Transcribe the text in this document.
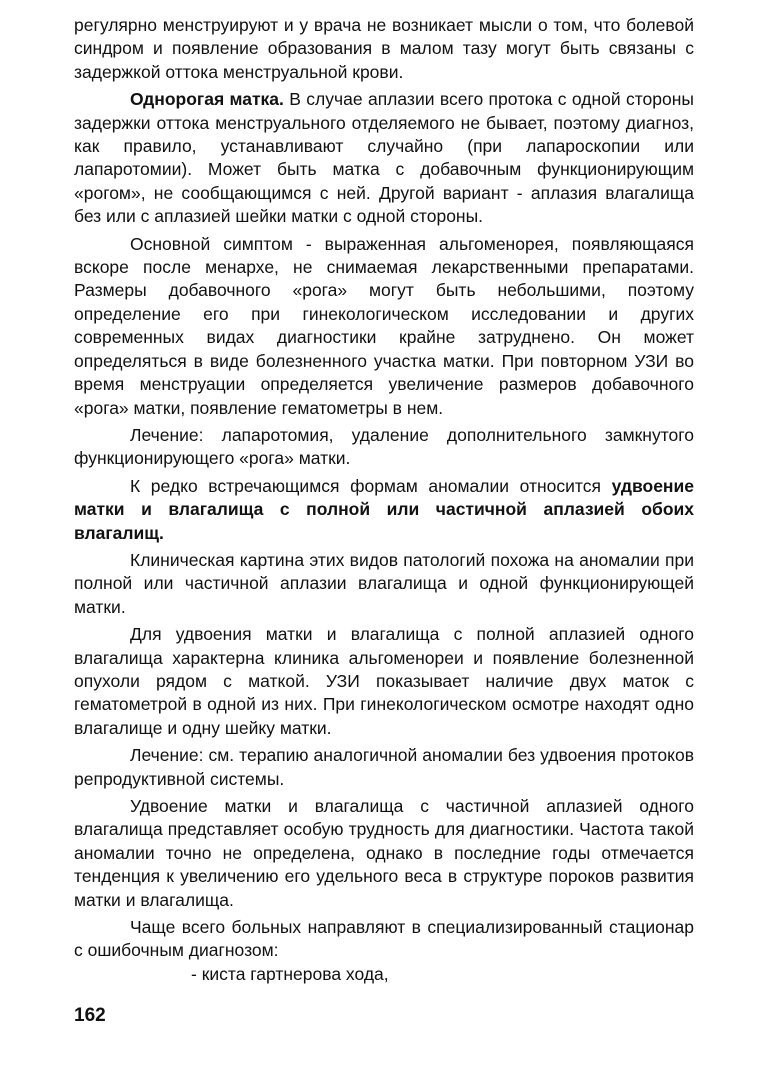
регулярно менструируют и у врача не возникает мысли о том, что болевой синдром и появление образования в малом тазу могут быть связаны с задержкой оттока менструальной крови.

Однорогая матка. В случае аплазии всего протока с одной стороны задержки оттока менструального отделяемого не бывает, поэтому диагноз, как правило, устанавливают случайно (при лапароскопии или лапаротомии). Может быть матка с добавочным функционирующим «рогом», не сообщающимся с ней. Другой вариант - аплазия влагалища без или с аплазией шейки матки с одной стороны.

Основной симптом - выраженная альгоменорея, появляющаяся вскоре после менархе, не снимаемая лекарственными препаратами. Размеры добавочного «рога» могут быть небольшими, поэтому определение его при гинекологическом исследовании и других современных видах диагностики крайне затруднено. Он может определяться в виде болезненного участка матки. При повторном УЗИ во время менструации определяется увеличение размеров добавочного «рога» матки, появление гематометры в нем.

Лечение: лапаротомия, удаление дополнительного замкнутого функционирующего «рога» матки.

К редко встречающимся формам аномалии относится удвоение матки и влагалища с полной или частичной аплазией обоих влагалищ.

Клиническая картина этих видов патологий похожа на аномалии при полной или частичной аплазии влагалища и одной функционирующей матки.

Для удвоения матки и влагалища с полной аплазией одного влагалища характерна клиника альгоменореи и появление болезненной опухоли рядом с маткой. УЗИ показывает наличие двух маток с гематометрой в одной из них. При гинекологическом осмотре находят одно влагалище и одну шейку матки.

Лечение: см. терапию аналогичной аномалии без удвоения протоков репродуктивной системы.

Удвоение матки и влагалища с частичной аплазией одного влагалища представляет особую трудность для диагностики. Частота такой аномалии точно не определена, однако в последние годы отмечается тенденция к увеличению его удельного веса в структуре пороков развития матки и влагалища.

Чаще всего больных направляют в специализированный стационар с ошибочным диагнозом:

- киста гартнерова хода,

162
